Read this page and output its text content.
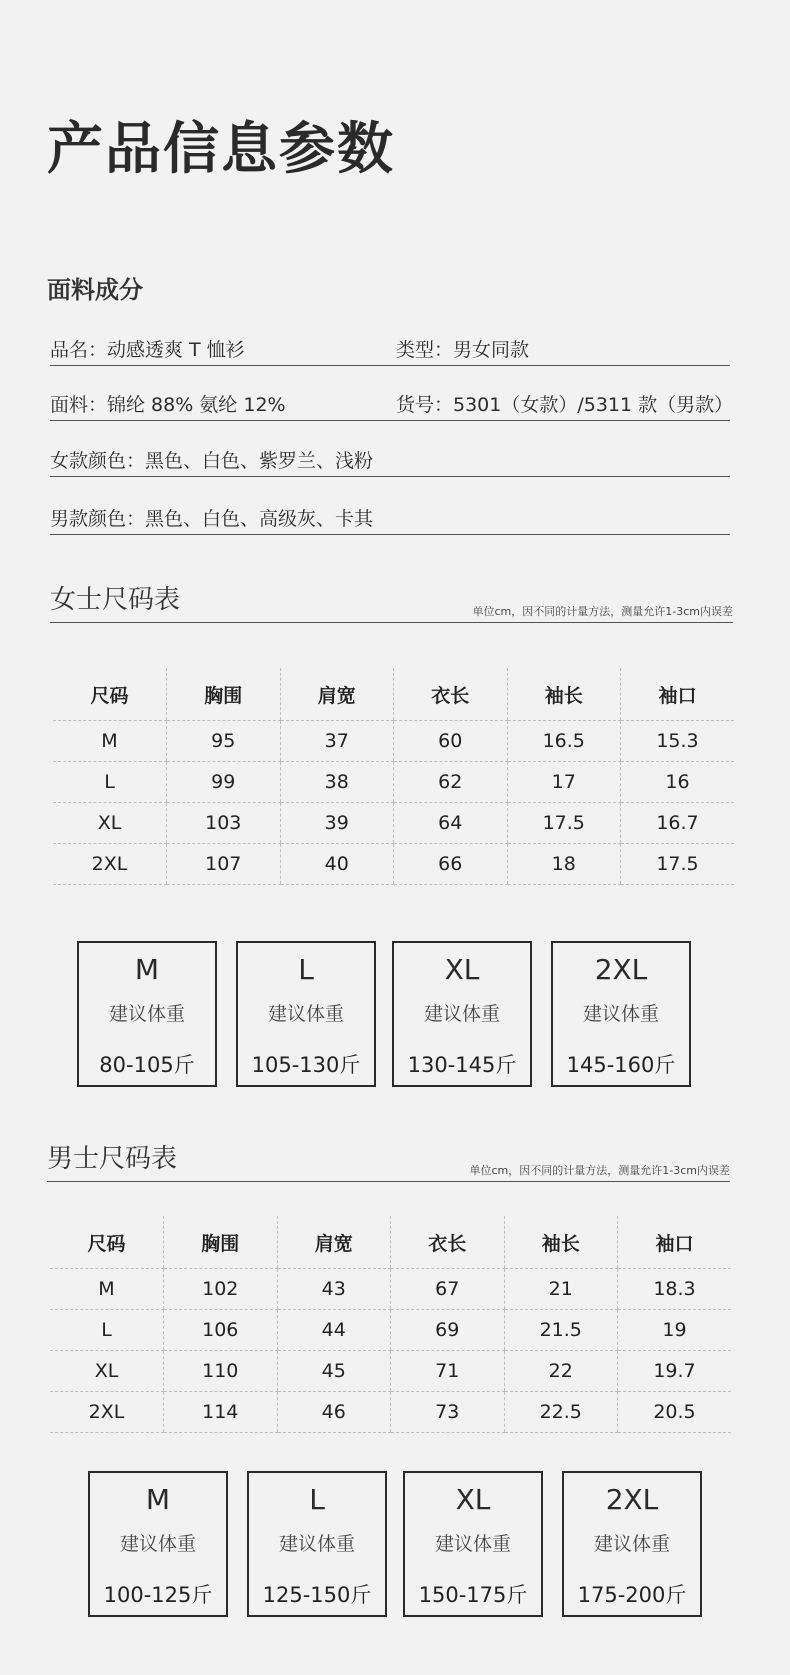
产品信息参数
面料成分
品名：动感透爽 T 恤衫	类型：男女同款
面料：锦纶 88% 氨纶 12%	货号：5301（女款）/5311 款（男款）
女款颜色：黑色、白色、紫罗兰、浅粉
男款颜色：黑色、白色、高级灰、卡其
女士尺码表	单位cm，因不同的计量方法，测量允许1-3cm内误差
尺码	胸围	肩宽	衣长	袖长	袖口
M	95	37	60	16.5	15.3
L	99	38	62	17	16
XL	103	39	64	17.5	16.7
2XL	107	40	66	18	17.5
M
建议体重
80-105斤
L
建议体重
105-130斤
XL
建议体重
130-145斤
2XL
建议体重
145-160斤
男士尺码表	单位cm，因不同的计量方法，测量允许1-3cm内误差
尺码	胸围	肩宽	衣长	袖长	袖口
M	102	43	67	21	18.3
L	106	44	69	21.5	19
XL	110	45	71	22	19.7
2XL	114	46	73	22.5	20.5
M
建议体重
100-125斤
L
建议体重
125-150斤
XL
建议体重
150-175斤
2XL
建议体重
175-200斤
